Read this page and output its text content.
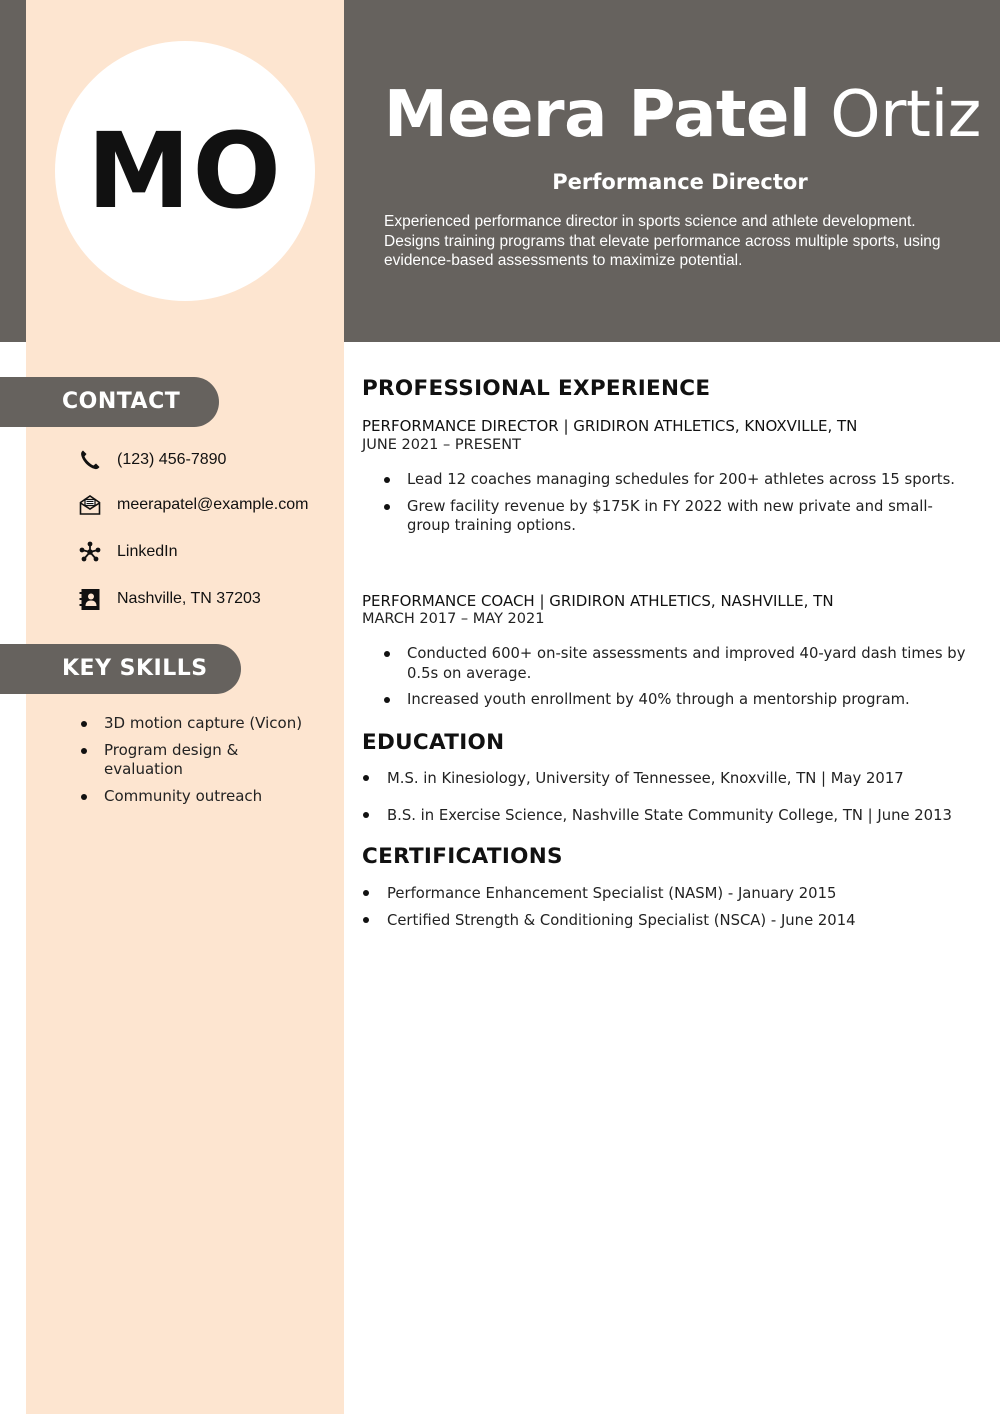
MO Meera Patel Ortiz
Performance Director
Experienced performance director in sports science and athlete development. Designs training programs that elevate performance across multiple sports, using evidence-based assessments to maximize potential.
CONTACT
(123) 456-7890
meerapatel@example.com
LinkedIn
Nashville, TN 37203
KEY SKILLS
3D motion capture (Vicon)
Program design & evaluation
Community outreach
PROFESSIONAL EXPERIENCE
PERFORMANCE DIRECTOR | GRIDIRON ATHLETICS, KNOXVILLE, TN
JUNE 2021 – PRESENT
Lead 12 coaches managing schedules for 200+ athletes across 15 sports.
Grew facility revenue by $175K in FY 2022 with new private and small-group training options.
PERFORMANCE COACH | GRIDIRON ATHLETICS, NASHVILLE, TN
MARCH 2017 – MAY 2021
Conducted 600+ on-site assessments and improved 40-yard dash times by 0.5s on average.
Increased youth enrollment by 40% through a mentorship program.
EDUCATION
M.S. in Kinesiology, University of Tennessee, Knoxville, TN | May 2017
B.S. in Exercise Science, Nashville State Community College, TN | June 2013
CERTIFICATIONS
Performance Enhancement Specialist (NASM) - January 2015
Certified Strength & Conditioning Specialist (NSCA) - June 2014
